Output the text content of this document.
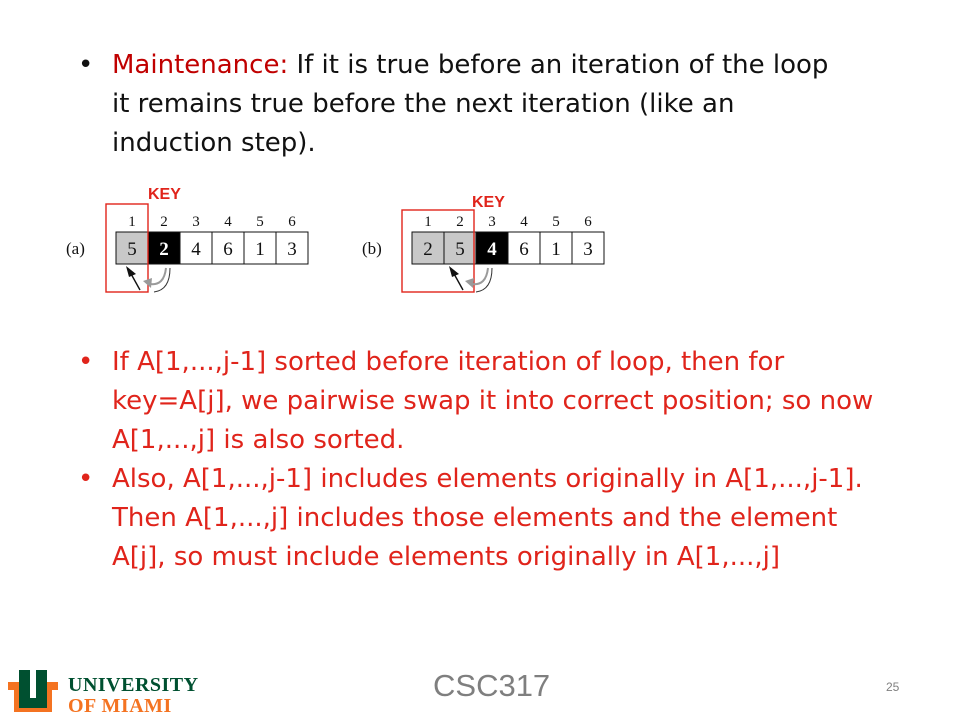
• Maintenance: If it is true before an iteration of the loop
it remains true before the next iteration (like an
induction step).
KEY
(a)
1 2 3 4 5 6
5 2 4 6 1 3
KEY
(b)
1 2 3 4 5 6
2 5 4 6 1 3
• If A[1,...,j-1] sorted before iteration of loop, then for
key=A[j], we pairwise swap it into correct position; so now
A[1,...,j] is also sorted.
• Also, A[1,...,j-1] includes elements originally in A[1,...,j-1].
Then A[1,...,j] includes those elements and the element
A[j], so must include elements originally in A[1,...,j]
UNIVERSITY
OF MIAMI
CSC317	25
